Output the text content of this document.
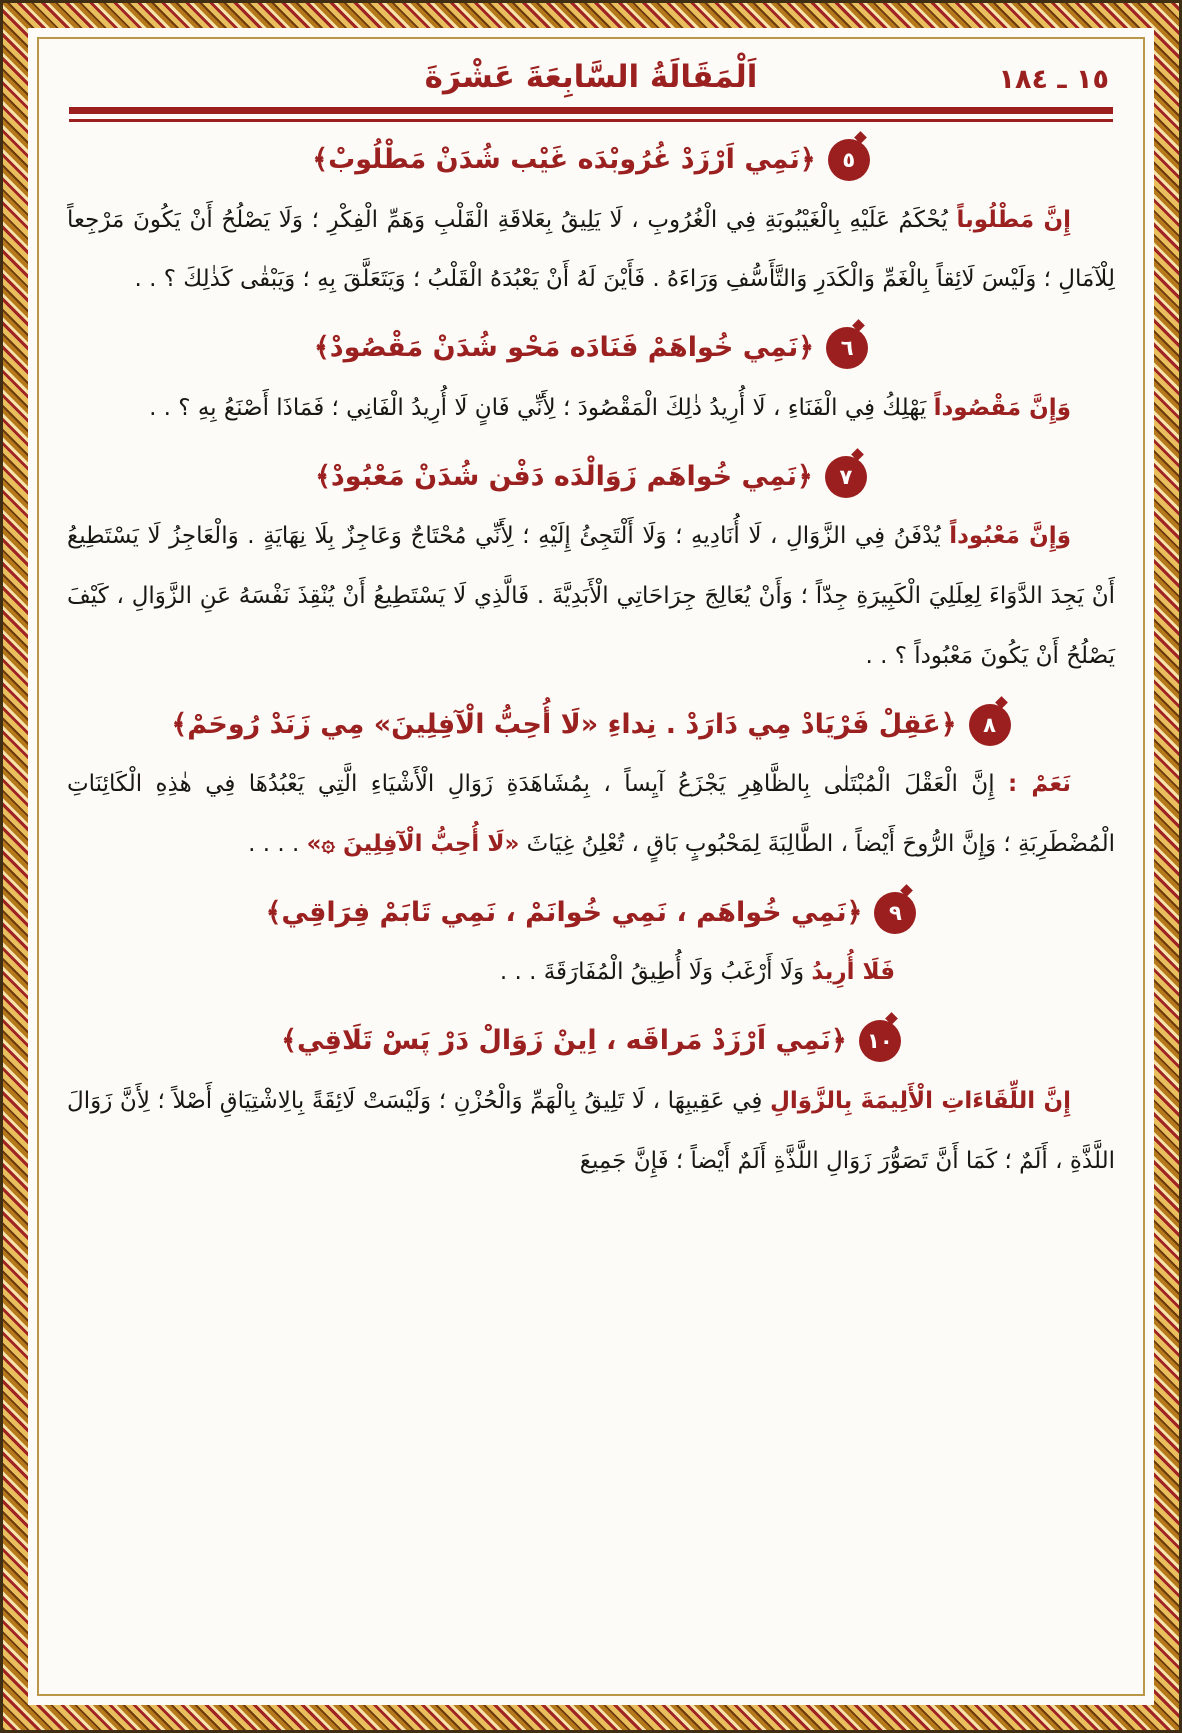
١٥ ـ ١٨٤
اَلْمَقَالَةُ السَّابِعَةَ عَشْرَةَ
٥
﴿نَمِي اَرْزَدْ غُرُوبْدَه غَيْب شُدَنْ مَطْلُوبْ﴾

إِنَّ مَطْلُوباً يُحْكَمُ عَلَيْهِ بِالْغَيْبُوبَةِ فِي الْغُرُوبِ ، لَا يَلِيقُ بِعَلاقَةِ الْقَلْبِ وَهَمِّ الْفِكْرِ ؛ وَلَا يَصْلُحُ أَنْ يَكُونَ مَرْجِعاً لِلْآمَالِ ؛ وَلَيْسَ لَائِقاً بِالْغَمِّ وَالْكَدَرِ وَالتَّأَسُّفِ وَرَاءَهُ . فَأَيْنَ لَهُ أَنْ يَعْبُدَهُ الْقَلْبُ ؛ وَيَتَعَلَّقَ بِهِ ؛ وَيَبْقٰى كَذٰلِكَ ؟ . .

٦
﴿نَمِي خُواهَمْ فَنَادَه مَحْو شُدَنْ مَقْصُودْ﴾

وَإِنَّ مَقْصُوداً يَهْلِكُ فِي الْفَنَاءِ ، لَا أُرِيدُ ذٰلِكَ الْمَقْصُودَ ؛ لِأَنِّي فَانٍ لَا أُرِيدُ الْفَانِي ؛ فَمَاذَا أَصْنَعُ بِهِ ؟ . .

٧
﴿نَمِي خُواهَم زَوَالْدَه دَفْن شُدَنْ مَعْبُودْ﴾

وَإِنَّ مَعْبُوداً يُدْفَنُ فِي الزَّوَالِ ، لَا أُنَادِيهِ ؛ وَلَا أَلْتَجِئُ إِلَيْهِ ؛ لِأَنِّي مُحْتَاجٌ وَعَاجِزٌ بِلَا نِهَايَةٍ . وَالْعَاجِزُ لَا يَسْتَطِيعُ أَنْ يَجِدَ الدَّوَاءَ لِعِلَلِيَ الْكَبِيرَةِ جِدّاً ؛ وَأَنْ يُعَالِجَ جِرَاحَاتِي الْأَبَدِيَّةَ . فَالَّذِي لَا يَسْتَطِيعُ أَنْ يُنْقِذَ نَفْسَهُ عَنِ الزَّوَالِ ، كَيْفَ يَصْلُحُ أَنْ يَكُونَ مَعْبُوداً ؟ . .

٨
﴿عَقِلْ فَرْيَادْ مِي دَارَدْ . نِداءِ «لَا أُحِبُّ الْآفِلِينَ» مِي زَنَدْ رُوحَمْ﴾

نَعَمْ : إِنَّ الْعَقْلَ الْمُبْتَلٰى بِالظَّاهِرِ يَجْزَعُ آيِساً ، بِمُشَاهَدَةِ زَوَالِ الْأَشْيَاءِ الَّتِي يَعْبُدُهَا فِي هٰذِهِ الْكَائِنَاتِ الْمُضْطَرِبَةِ ؛ وَإِنَّ الرُّوحَ أَيْضاً ، الطَّالِبَةَ لِمَحْبُوبٍ بَاقٍ ، تُعْلِنُ غِيَاثَ «لَا أُحِبُّ الْآفِلِينَ ۞» . . . .

٩
﴿نَمِي خُواهَم ، نَمِي خُوانَمْ ، نَمِي تَابَمْ فِرَاقِي﴾

فَلَا أُرِيدُ وَلَا أَرْغَبُ وَلَا أُطِيقُ الْمُفَارَقَةَ . . .

١٠
﴿نَمِي اَرْزَدْ مَراقَه ، اِينْ زَوَالْ دَرْ پَسْ تَلَاقِي﴾

إِنَّ اللِّقَاءَاتِ الْأَلِيمَةَ بِالزَّوَالِ فِي عَقِيبِهَا ، لَا تَلِيقُ بِالْهَمِّ وَالْحُزْنِ ؛ وَلَيْسَتْ لَائِقَةً بِالِاشْتِيَاقِ أَصْلاً ؛ لِأَنَّ زَوَالَ اللَّذَّةِ ، أَلَمٌ ؛ كَمَا أَنَّ تَصَوُّرَ زَوَالِ اللَّذَّةِ أَلَمٌ أَيْضاً ؛ فَإِنَّ جَمِيعَ
